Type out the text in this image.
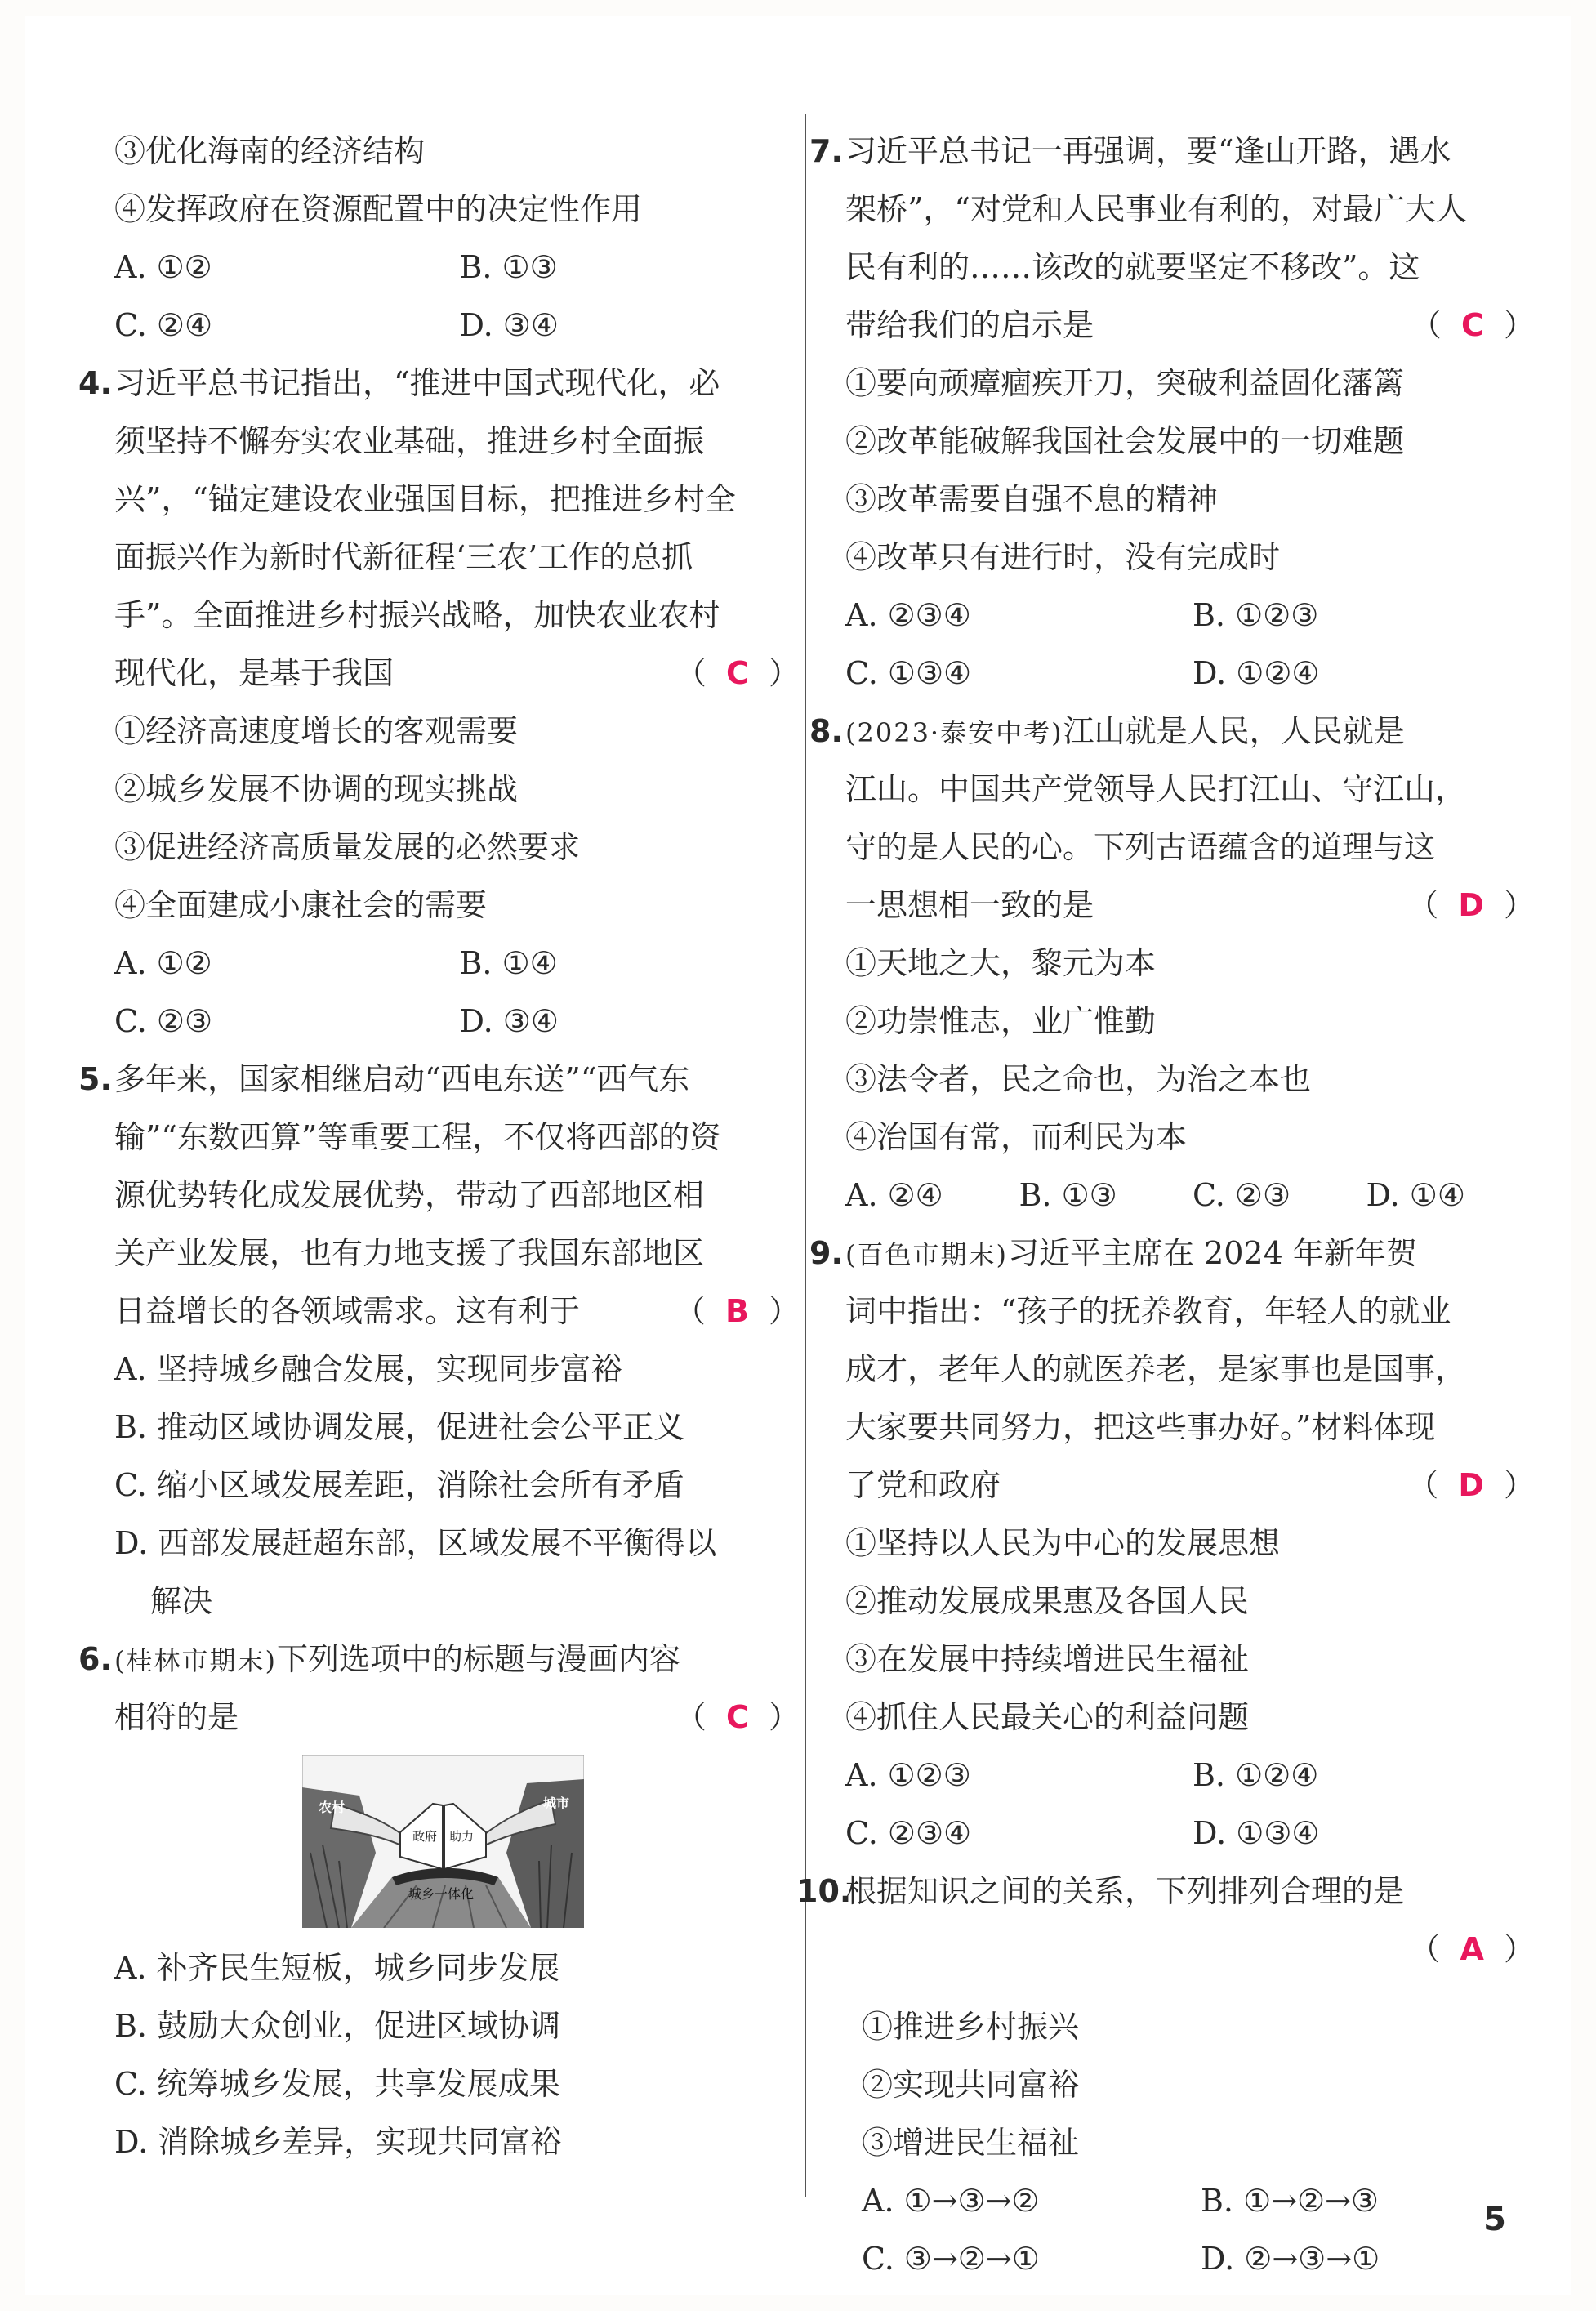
③优化海南的经济结构
④发挥政府在资源配置中的决定性作用
A. ①②	B. ①③
C. ②④	D. ③④
4. 习近平总书记指出，“推进中国式现代化，必
须坚持不懈夯实农业基础，推进乡村全面振
兴”，“锚定建设农业强国目标，把推进乡村全
面振兴作为新时代新征程‘三农’工作的总抓
手”。全面推进乡村振兴战略，加快农业农村
现代化，是基于我国	（ C ）
①经济高速度增长的客观需要
②城乡发展不协调的现实挑战
③促进经济高质量发展的必然要求
④全面建成小康社会的需要
A. ①②	B. ①④
C. ②③	D. ③④
5. 多年来，国家相继启动“西电东送”“西气东
输”“东数西算”等重要工程，不仅将西部的资
源优势转化成发展优势，带动了西部地区相
关产业发展，也有力地支援了我国东部地区
日益增长的各领域需求。这有利于	（ B ）
A. 坚持城乡融合发展，实现同步富裕
B. 推动区域协调发展，促进社会公平正义
C. 缩小区域发展差距，消除社会所有矛盾
D. 西部发展赶超东部，区域发展不平衡得以
解决
6. (桂林市期末)下列选项中的标题与漫画内容
相符的是	（ C ）
农村	城市
政府 助力
城乡一体化
A. 补齐民生短板，城乡同步发展
B. 鼓励大众创业，促进区域协调
C. 统筹城乡发展，共享发展成果
D. 消除城乡差异，实现共同富裕
7. 习近平总书记一再强调，要“逢山开路，遇水
架桥”，“对党和人民事业有利的，对最广大人
民有利的……该改的就要坚定不移改”。这
带给我们的启示是	（ C ）
①要向顽瘴痼疾开刀，突破利益固化藩篱
②改革能破解我国社会发展中的一切难题
③改革需要自强不息的精神
④改革只有进行时，没有完成时
A. ②③④	B. ①②③
C. ①③④	D. ①②④
8. (2023·泰安中考)江山就是人民，人民就是
江山。中国共产党领导人民打江山、守江山，
守的是人民的心。下列古语蕴含的道理与这
一思想相一致的是	（ D ）
①天地之大，黎元为本
②功崇惟志，业广惟勤
③法令者，民之命也，为治之本也
④治国有常，而利民为本
A. ②④	B. ①③	C. ②③	D. ①④
9. (百色市期末)习近平主席在 2024 年新年贺
词中指出：“孩子的抚养教育，年轻人的就业
成才，老年人的就医养老，是家事也是国事，
大家要共同努力，把这些事办好。”材料体现
了党和政府	（ D ）
①坚持以人民为中心的发展思想
②推动发展成果惠及各国人民
③在发展中持续增进民生福祉
④抓住人民最关心的利益问题
A. ①②③	B. ①②④
C. ②③④	D. ①③④
10.
根据知识之间的关系，下列排列合理的是
（ A ）
①推进乡村振兴
②实现共同富裕
③增进民生福祉
A. ①→③→②	B. ①→②→③
C. ③→②→①	D. ②→③→①
5
